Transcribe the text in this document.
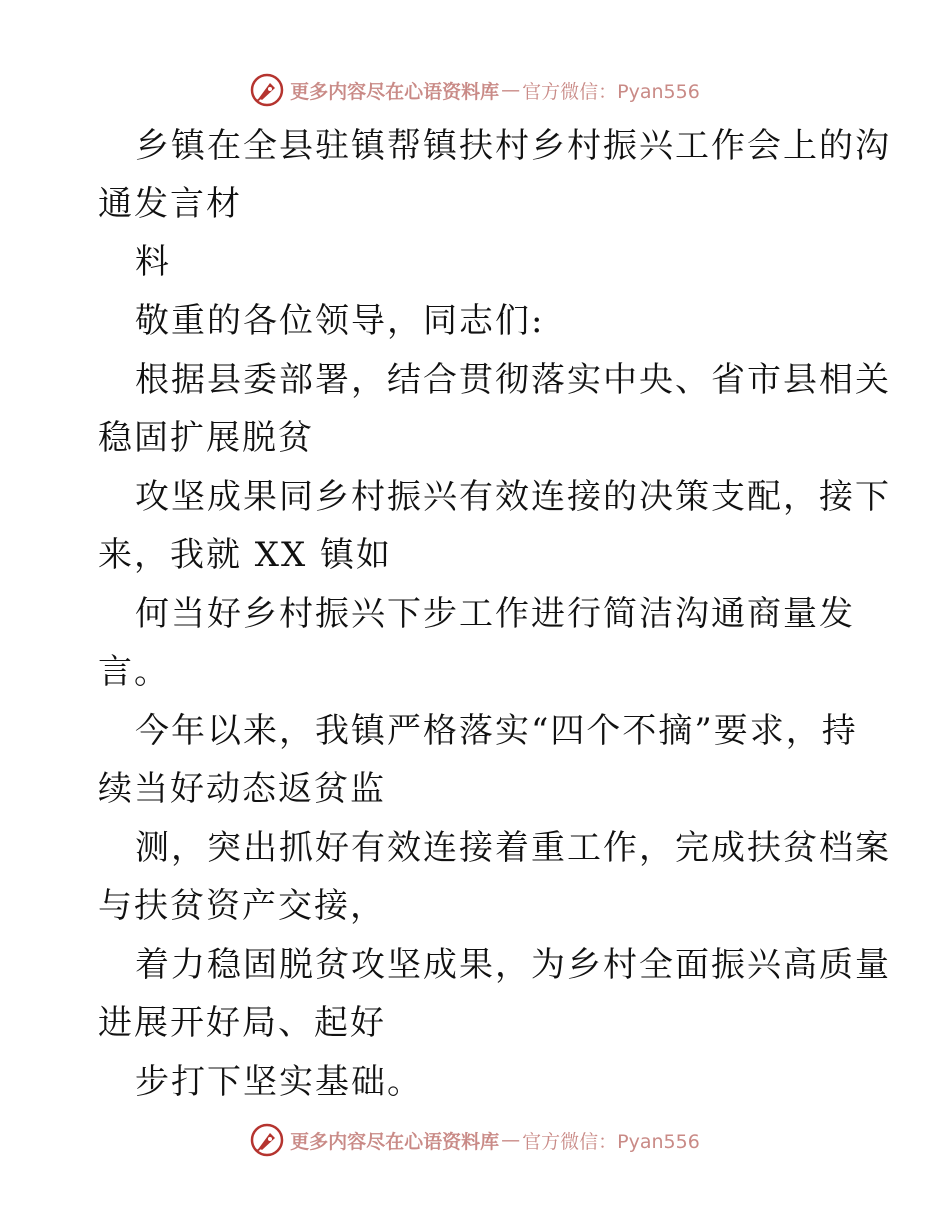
更多内容尽在心语资料库 — 官方微信：Pyan556
乡镇在全县驻镇帮镇扶村乡村振兴工作会上的沟
通发言材
料
敬重的各位领导，同志们:
根据县委部署，结合贯彻落实中央、省市县相关
稳固扩展脱贫
攻坚成果同乡村振兴有效连接的决策支配，接下
来，我就 XX 镇如
何当好乡村振兴下步工作进行简洁沟通商量发
言。
今年以来，我镇严格落实“四个不摘”要求，持
续当好动态返贫监
测，突出抓好有效连接着重工作，完成扶贫档案
与扶贫资产交接，
着力稳固脱贫攻坚成果，为乡村全面振兴高质量
进展开好局、起好
步打下坚实基础。
更多内容尽在心语资料库 — 官方微信：Pyan556
